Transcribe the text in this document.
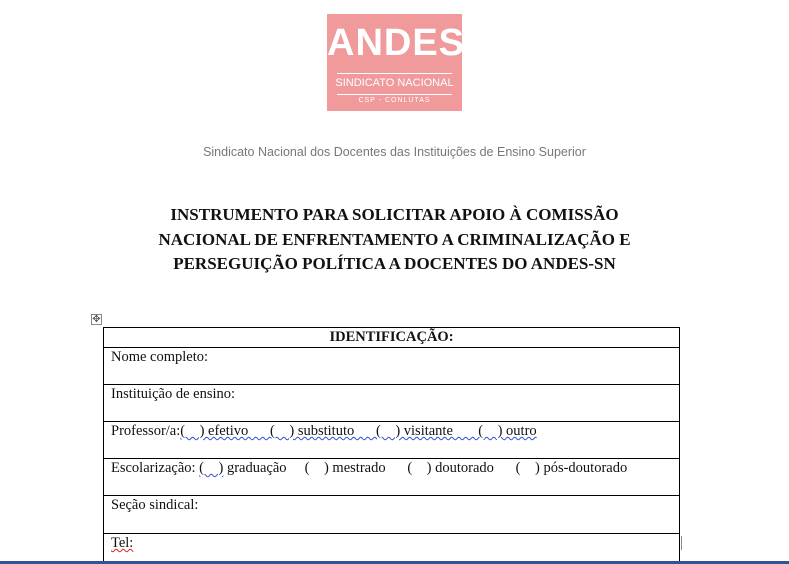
ANDES
SINDICATO NACIONAL
CSP - CONLUTAS
Sindicato Nacional dos Docentes das Instituições de Ensino Superior
INSTRUMENTO PARA SOLICITAR APOIO À COMISSÃO
NACIONAL DE ENFRENTAMENTO A CRIMINALIZAÇÃO E
PERSEGUIÇÃO POLÍTICA A DOCENTES DO ANDES-SN
✥
IDENTIFICAÇÃO:
Nome completo:
Instituição de ensino:
Professor/a:(    ) efetivo      (    ) substituto      (    ) visitante       (    ) outro
Escolarização: (    ) graduação     (    ) mestrado      (    ) doutorado      (    ) pós-doutorado
Seção sindical:
Tel:
